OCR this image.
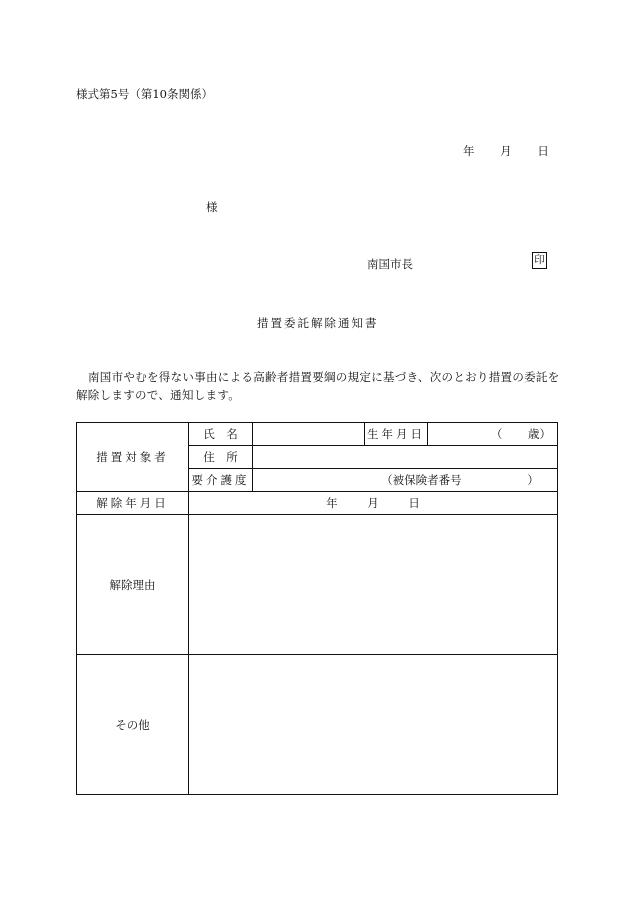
様式第5号（第10条関係）
年 月 日
様
南国市長	印
措置委託解除通知書
南国市やむを得ない事由による高齢者措置要綱の規定に基づき、次のとおり措置の委託を解除しますので、通知します。
措置対象者	氏　名		生年月日	（ 歳）
	住　所			
	要介護度	（被保険者番号 ）		
解除年月日	年 月 日			
解除理由				
その他				
